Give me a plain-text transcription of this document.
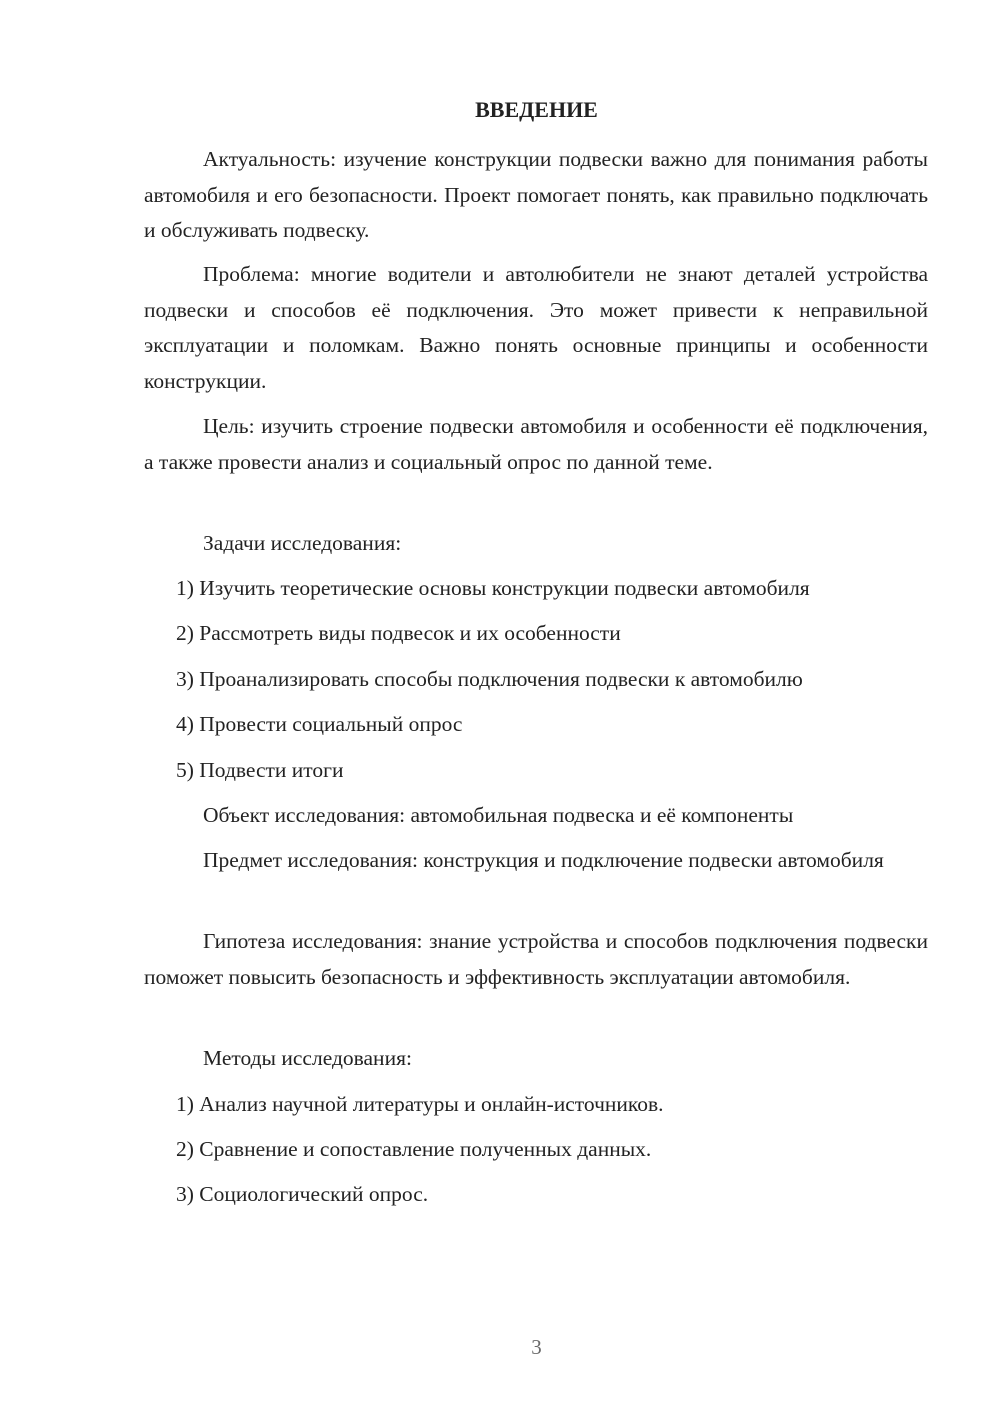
ВВЕДЕНИЕ

Актуальность: изучение конструкции подвески важно для понимания работы автомобиля и его безопасности. Проект помогает понять, как правильно подключать и обслуживать подвеску.

Проблема: многие водители и автолюбители не знают деталей устройства подвески и способов её подключения. Это может привести к неправильной эксплуатации и поломкам. Важно понять основные принципы и особенности конструкции.

Цель: изучить строение подвески автомобиля и особенности её подключения, а также провести анализ и социальный опрос по данной теме.

Задачи исследования:

1) Изучить теоретические основы конструкции подвески автомобиля

2) Рассмотреть виды подвесок и их особенности

3) Проанализировать способы подключения подвески к автомобилю

4) Провести социальный опрос

5) Подвести итоги

Объект исследования: автомобильная подвеска и её компоненты

Предмет исследования: конструкция и подключение подвески автомобиля

Гипотеза исследования: знание устройства и способов подключения подвески поможет повысить безопасность и эффективность эксплуатации автомобиля.

Методы исследования:

1) Анализ научной литературы и онлайн-источников.

2) Сравнение и сопоставление полученных данных.

3) Социологический опрос.

3
